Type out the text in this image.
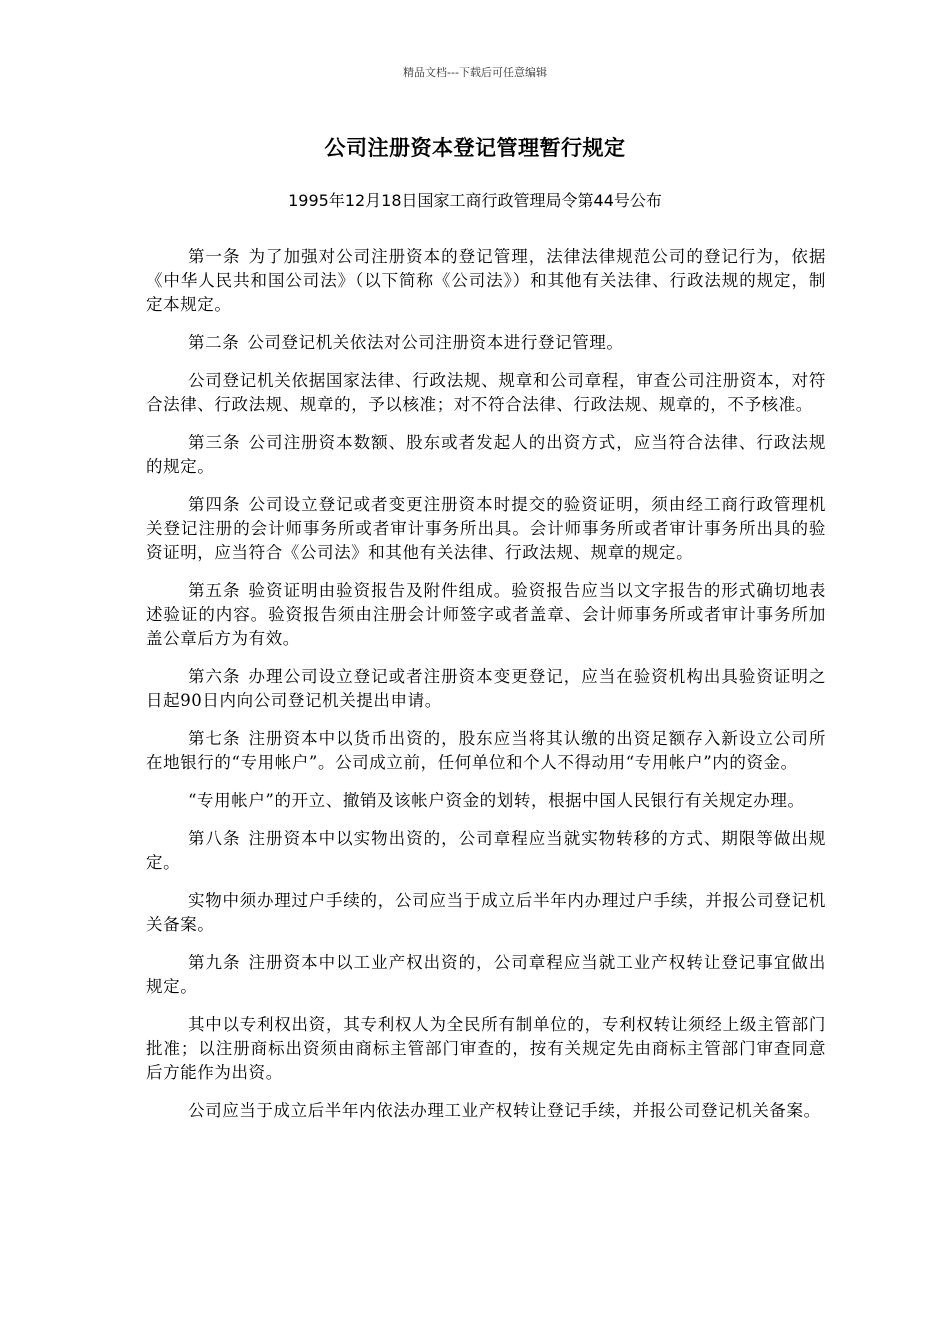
精品文档---下载后可任意编辑
公司注册资本登记管理暂行规定
1995年12月18日国家工商行政管理局令第44号公布

第一条 为了加强对公司注册资本的登记管理，法律法律规范公司的登记行为，依据《中华人民共和国公司法》（以下简称《公司法》）和其他有关法律、行政法规的规定，制定本规定。

第二条 公司登记机关依法对公司注册资本进行登记管理。

公司登记机关依据国家法律、行政法规、规章和公司章程，审查公司注册资本，对符合法律、行政法规、规章的，予以核准；对不符合法律、行政法规、规章的，不予核准。

第三条 公司注册资本数额、股东或者发起人的出资方式，应当符合法律、行政法规的规定。

第四条 公司设立登记或者变更注册资本时提交的验资证明，须由经工商行政管理机关登记注册的会计师事务所或者审计事务所出具。会计师事务所或者审计事务所出具的验资证明，应当符合《公司法》和其他有关法律、行政法规、规章的规定。

第五条 验资证明由验资报告及附件组成。验资报告应当以文字报告的形式确切地表述验证的内容。验资报告须由注册会计师签字或者盖章、会计师事务所或者审计事务所加盖公章后方为有效。

第六条 办理公司设立登记或者注册资本变更登记，应当在验资机构出具验资证明之日起90日内向公司登记机关提出申请。

第七条 注册资本中以货币出资的，股东应当将其认缴的出资足额存入新设立公司所在地银行的“专用帐户”。公司成立前，任何单位和个人不得动用“专用帐户”内的资金。

“专用帐户”的开立、撤销及该帐户资金的划转，根据中国人民银行有关规定办理。

第八条 注册资本中以实物出资的，公司章程应当就实物转移的方式、期限等做出规定。

实物中须办理过户手续的，公司应当于成立后半年内办理过户手续，并报公司登记机关备案。

第九条 注册资本中以工业产权出资的，公司章程应当就工业产权转让登记事宜做出规定。

其中以专利权出资，其专利权人为全民所有制单位的，专利权转让须经上级主管部门批准；以注册商标出资须由商标主管部门审查的，按有关规定先由商标主管部门审查同意后方能作为出资。

公司应当于成立后半年内依法办理工业产权转让登记手续，并报公司登记机关备案。
